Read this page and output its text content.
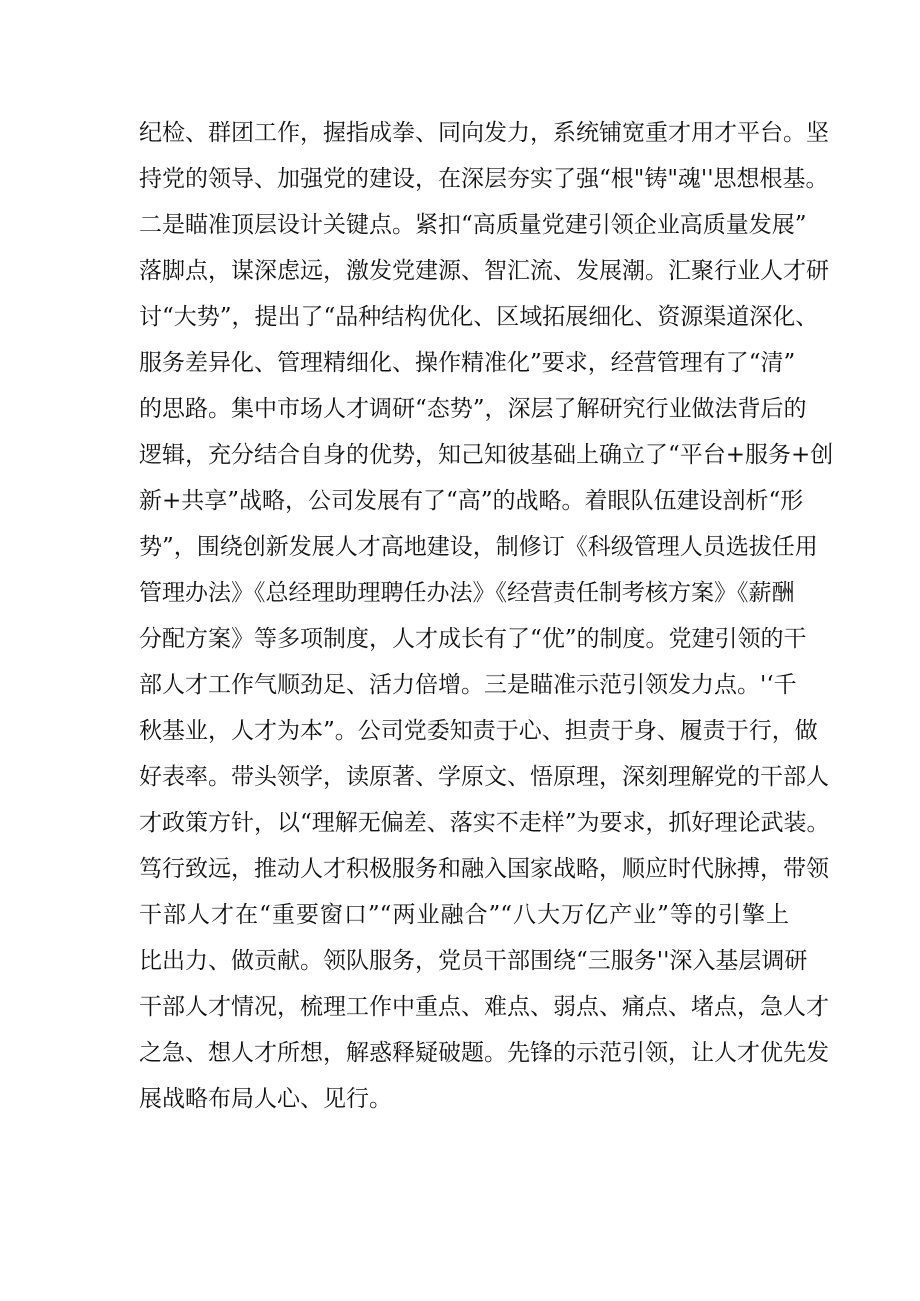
纪检、群团工作，握指成拳、同向发力，系统铺宽重才用才平台。坚
持党的领导、加强党的建设，在深层夯实了强“根"铸"魂''思想根基。
二是瞄准顶层设计关键点。紧扣“高质量党建引领企业高质量发展”
落脚点，谋深虑远，激发党建源、智汇流、发展潮。汇聚行业人才研
讨“大势”，提出了“品种结构优化、区域拓展细化、资源渠道深化、
服务差异化、管理精细化、操作精准化”要求，经营管理有了“清”
的思路。集中市场人才调研“态势”，深层了解研究行业做法背后的
逻辑，充分结合自身的优势，知己知彼基础上确立了“平台+服务+创
新+共享”战略，公司发展有了“高”的战略。着眼队伍建设剖析“形
势”，围绕创新发展人才高地建设，制修订《科级管理人员选拔任用
管理办法》《总经理助理聘任办法》《经营责任制考核方案》《薪酬
分配方案》等多项制度，人才成长有了“优”的制度。党建引领的干
部人才工作气顺劲足、活力倍增。三是瞄准示范引领发力点。'‘千
秋基业，人才为本”。公司党委知责于心、担责于身、履责于行，做
好表率。带头领学，读原著、学原文、悟原理，深刻理解党的干部人
才政策方针，以“理解无偏差、落实不走样”为要求，抓好理论武装。
笃行致远，推动人才积极服务和融入国家战略，顺应时代脉搏，带领
干部人才在“重要窗口”“两业融合”“八大万亿产业”等的引擎上
比出力、做贡献。领队服务，党员干部围绕“三服务''深入基层调研
干部人才情况，梳理工作中重点、难点、弱点、痛点、堵点，急人才
之急、想人才所想，解惑释疑破题。先锋的示范引领，让人才优先发
展战略布局人心、见行。
